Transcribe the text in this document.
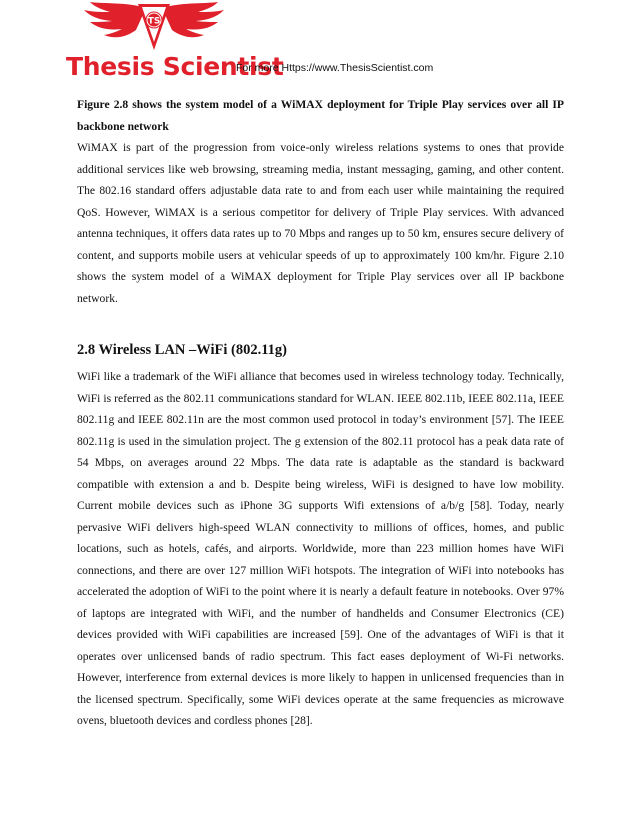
TS
Thesis Scientist
For more Https://www.ThesisScientist.com

Figure 2.8 shows the system model of a WiMAX deployment for Triple Play services over all IP backbone network

WiMAX is part of the progression from voice-only wireless relations systems to ones that provide additional services like web browsing, streaming media, instant messaging, gaming, and other content. The 802.16 standard offers adjustable data rate to and from each user while maintaining the required QoS. However, WiMAX is a serious competitor for delivery of Triple Play services. With advanced antenna techniques, it offers data rates up to 70 Mbps and ranges up to 50 km, ensures secure delivery of content, and supports mobile users at vehicular speeds of up to approximately 100 km/hr. Figure 2.10 shows the system model of a WiMAX deployment for Triple Play services over all IP backbone network.

2.8 Wireless LAN –WiFi (802.11g)

WiFi like a trademark of the WiFi alliance that becomes used in wireless technology today. Technically, WiFi is referred as the 802.11 communications standard for WLAN. IEEE 802.11b, IEEE 802.11a, IEEE 802.11g and IEEE 802.11n are the most common used protocol in today’s environment [57]. The IEEE 802.11g is used in the simulation project. The g extension of the 802.11 protocol has a peak data rate of 54 Mbps, on averages around 22 Mbps. The data rate is adaptable as the standard is backward compatible with extension a and b. Despite being wireless, WiFi is designed to have low mobility. Current mobile devices such as iPhone 3G supports Wifi extensions of a/b/g [58]. Today, nearly pervasive WiFi delivers high-speed WLAN connectivity to millions of offices, homes, and public locations, such as hotels, cafés, and airports. Worldwide, more than 223 million homes have WiFi connections, and there are over 127 million WiFi hotspots. The integration of WiFi into notebooks has accelerated the adoption of WiFi to the point where it is nearly a default feature in notebooks. Over 97% of laptops are integrated with WiFi, and the number of handhelds and Consumer Electronics (CE) devices provided with WiFi capabilities are increased [59]. One of the advantages of WiFi is that it operates over unlicensed bands of radio spectrum. This fact eases deployment of Wi-Fi networks. However, interference from external devices is more likely to happen in unlicensed frequencies than in the licensed spectrum. Specifically, some WiFi devices operate at the same frequencies as microwave ovens, bluetooth devices and cordless phones [28].
